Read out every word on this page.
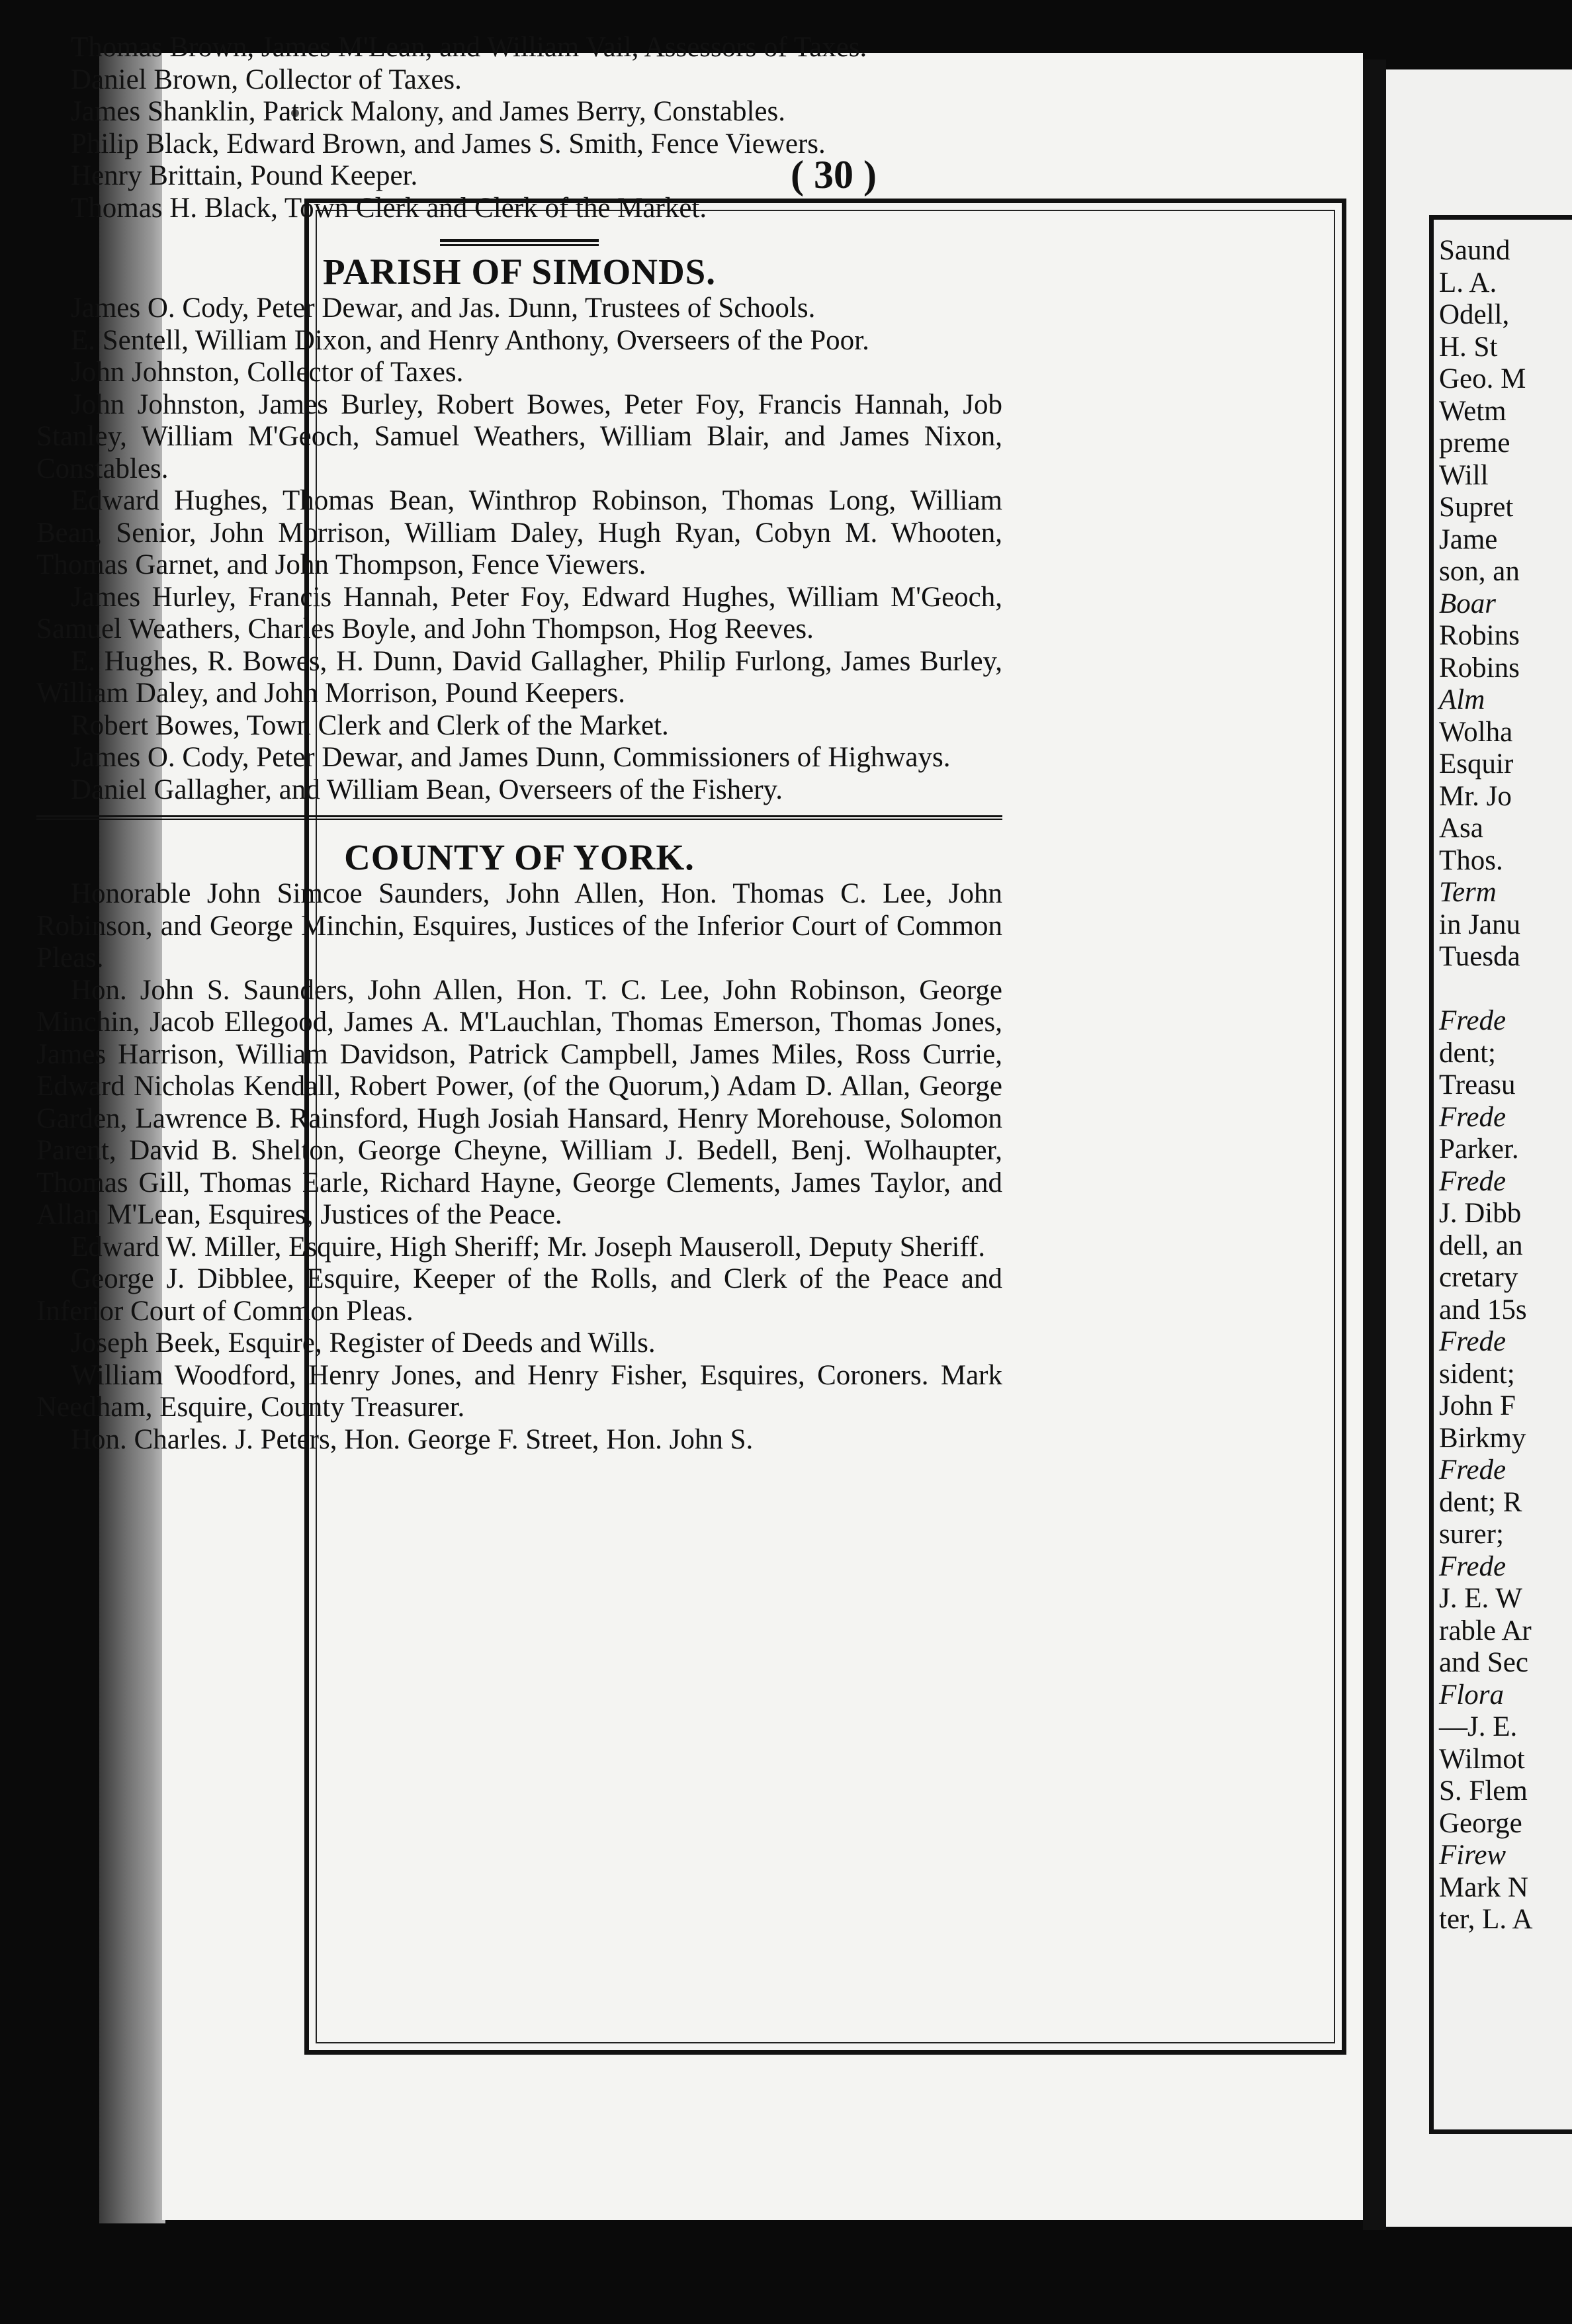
( 30 )

Thomas Brown, James M'Lean, and William Vail, Assessors of Taxes.

Daniel Brown, Collector of Taxes.

James Shanklin, Patrick Malony, and James Berry, Constables.

Philip Black, Edward Brown, and James S. Smith, Fence Viewers.

Henry Brittain, Pound Keeper.

Thomas H. Black, Town Clerk and Clerk of the Market.

PARISH OF SIMONDS.

James O. Cody, Peter Dewar, and Jas. Dunn, Trustees of Schools.

E. Sentell, William Dixon, and Henry Anthony, Overseers of the Poor.

John Johnston, Collector of Taxes.

John Johnston, James Burley, Robert Bowes, Peter Foy, Francis Hannah, Job Stanley, William M'Geoch, Samuel Weathers, William Blair, and James Nixon, Constables.

Edward Hughes, Thomas Bean, Winthrop Robinson, Thomas Long, William Bean, Senior, John Morrison, William Daley, Hugh Ryan, Cobyn M. Whooten, Thomas Garnet, and John Thompson, Fence Viewers.

James Hurley, Francis Hannah, Peter Foy, Edward Hughes, William M'Geoch, Samuel Weathers, Charles Boyle, and John Thompson, Hog Reeves.

E. Hughes, R. Bowes, H. Dunn, David Gallagher, Philip Furlong, James Burley, William Daley, and John Morrison, Pound Keepers.

Robert Bowes, Town Clerk and Clerk of the Market.

James O. Cody, Peter Dewar, and James Dunn, Commissioners of Highways.

Daniel Gallagher, and William Bean, Overseers of the Fishery.

COUNTY OF YORK.

Honorable John Simcoe Saunders, John Allen, Hon. Thomas C. Lee, John Robinson, and George Minchin, Esquires, Justices of the Inferior Court of Common Pleas.

Hon. John S. Saunders, John Allen, Hon. T. C. Lee, John Robinson, George Minchin, Jacob Ellegood, James A. M'Lauchlan, Thomas Emerson, Thomas Jones, James Harrison, William Davidson, Patrick Campbell, James Miles, Ross Currie, Edward Nicholas Kendall, Robert Power, (of the Quorum,) Adam D. Allan, George Garden, Lawrence B. Rainsford, Hugh Josiah Hansard, Henry Morehouse, Solomon Parent, David B. Shelton, George Cheyne, William J. Bedell, Benj. Wolhaupter, Thomas Gill, Thomas Earle, Richard Hayne, George Clements, James Taylor, and Allan M'Lean, Esquires, Justices of the Peace.

Edward W. Miller, Esquire, High Sheriff; Mr. Joseph Mauseroll, Deputy Sheriff.

George J. Dibblee, Esquire, Keeper of the Rolls, and Clerk of the Peace and Inferior Court of Common Pleas.

Joseph Beek, Esquire, Register of Deeds and Wills.

William Woodford, Henry Jones, and Henry Fisher, Esquires, Coroners. Mark Needham, Esquire, County Treasurer.

Hon. Charles. J. Peters, Hon. George F. Street, Hon. John S.

Saund
L. A.
Odell,
H. St
Geo. M
Wetm
preme
Will
Supret
Jame
son, an
Boar
Robins
Robins
Alm
Wolha
Esquir
Mr. Jo
Asa
Thos.
Term
in Janu
Tuesda
Frede
dent;
Treasu
Frede
Parker.
Frede
J. Dibb
dell, an
cretary
and 15s
Frede
sident;
John F
Birkmy
Frede
dent; R
surer;
Frede
J. E. W
rable Ar
and Sec
Flora
—J. E.
Wilmot
S. Flem
George
Firew
Mark N
ter, L. A
